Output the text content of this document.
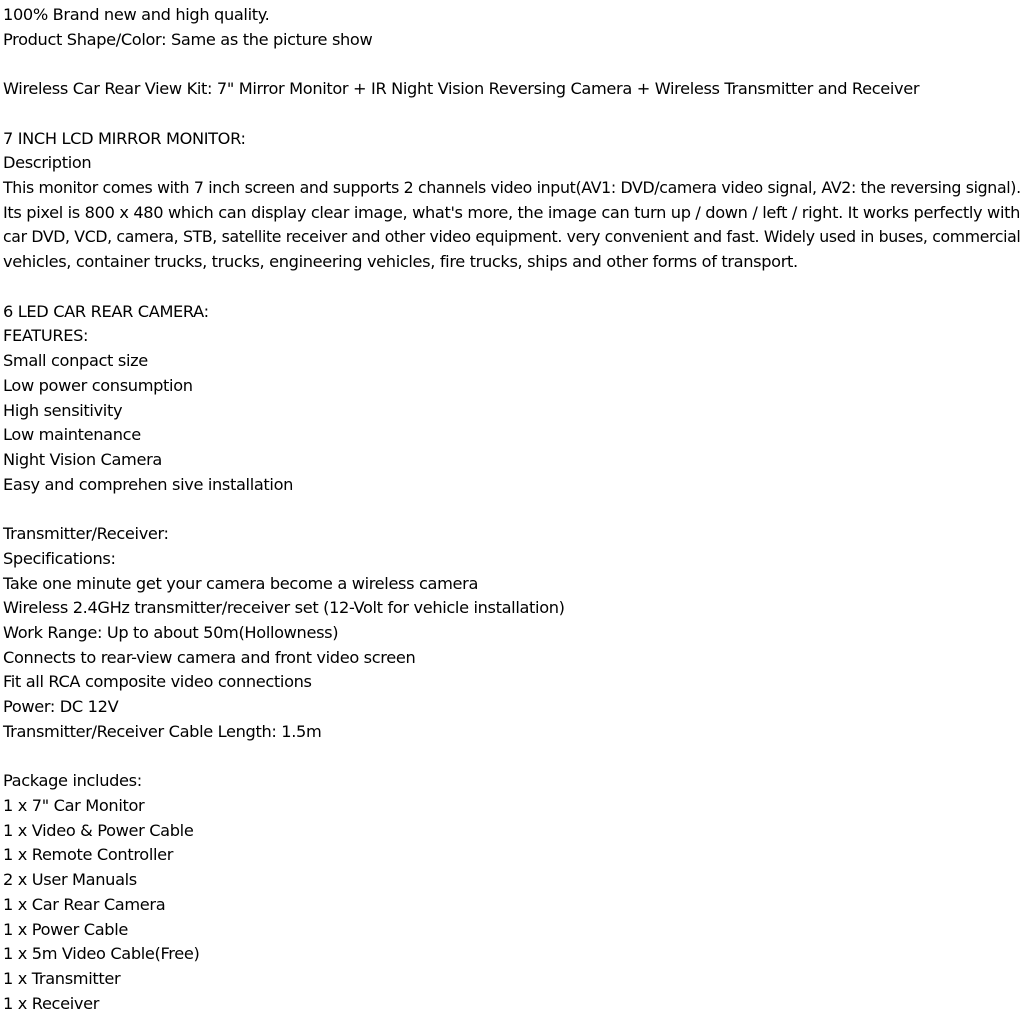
100% Brand new and high quality.
Product Shape/Color: Same as the picture show
Wireless Car Rear View Kit: 7" Mirror Monitor + IR Night Vision Reversing Camera + Wireless Transmitter and Receiver
7 INCH LCD MIRROR MONITOR:
Description
This monitor comes with 7 inch screen and supports 2 channels video input(AV1: DVD/camera video signal, AV2: the reversing signal).
Its pixel is 800 x 480 which can display clear image, what's more, the image can turn up / down / left / right. It works perfectly with
car DVD, VCD, camera, STB, satellite receiver and other video equipment. very convenient and fast. Widely used in buses, commercial
vehicles, container trucks, trucks, engineering vehicles, fire trucks, ships and other forms of transport.
6 LED CAR REAR CAMERA:
FEATURES:
Small conpact size
Low power consumption
High sensitivity
Low maintenance
Night Vision Camera
Easy and comprehen sive installation
Transmitter/Receiver:
Specifications:
Take one minute get your camera become a wireless camera
Wireless 2.4GHz transmitter/receiver set (12-Volt for vehicle installation)
Work Range: Up to about 50m(Hollowness)
Connects to rear-view camera and front video screen
Fit all RCA composite video connections
Power: DC 12V
Transmitter/Receiver Cable Length: 1.5m
Package includes:
1 x 7" Car Monitor
1 x Video & Power Cable
1 x Remote Controller
2 x User Manuals
1 x Car Rear Camera
1 x Power Cable
1 x 5m Video Cable(Free)
1 x Transmitter
1 x Receiver
